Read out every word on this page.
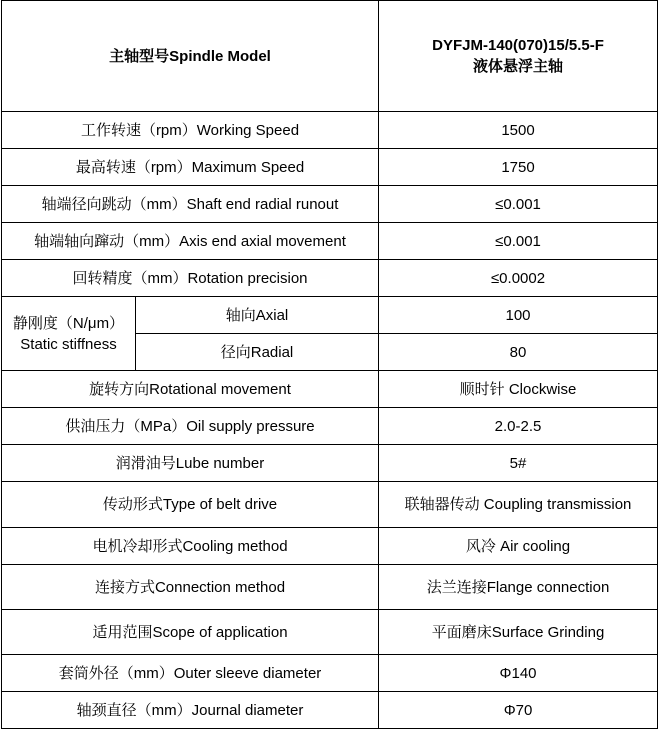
主轴型号Spindle Model		DYFJM-140(070)15/5.5-F
液体悬浮主轴

工作转速（rpm）Working Speed		1500
最高转速（rpm）Maximum Speed		1750
轴端径向跳动（mm）Shaft end radial runout		≤0.001
轴端轴向蹿动（mm）Axis end axial movement		≤0.001
回转精度（mm）Rotation precision		≤0.0002

静刚度（N/μm）
Static stiffness	轴向Axial	100
	径向Radial	80
旋转方向Rotational movement		顺时针 Clockwise
供油压力（MPa）Oil supply pressure		2.0-2.5
润滑油号Lube number		5#
传动形式Type of belt drive		联轴器传动 Coupling transmission
电机冷却形式Cooling method		风冷 Air cooling
连接方式Connection method		法兰连接Flange connection
适用范围Scope of application		平面磨床Surface Grinding
套筒外径（mm）Outer sleeve diameter		Φ140
轴颈直径（mm）Journal diameter		Φ70
